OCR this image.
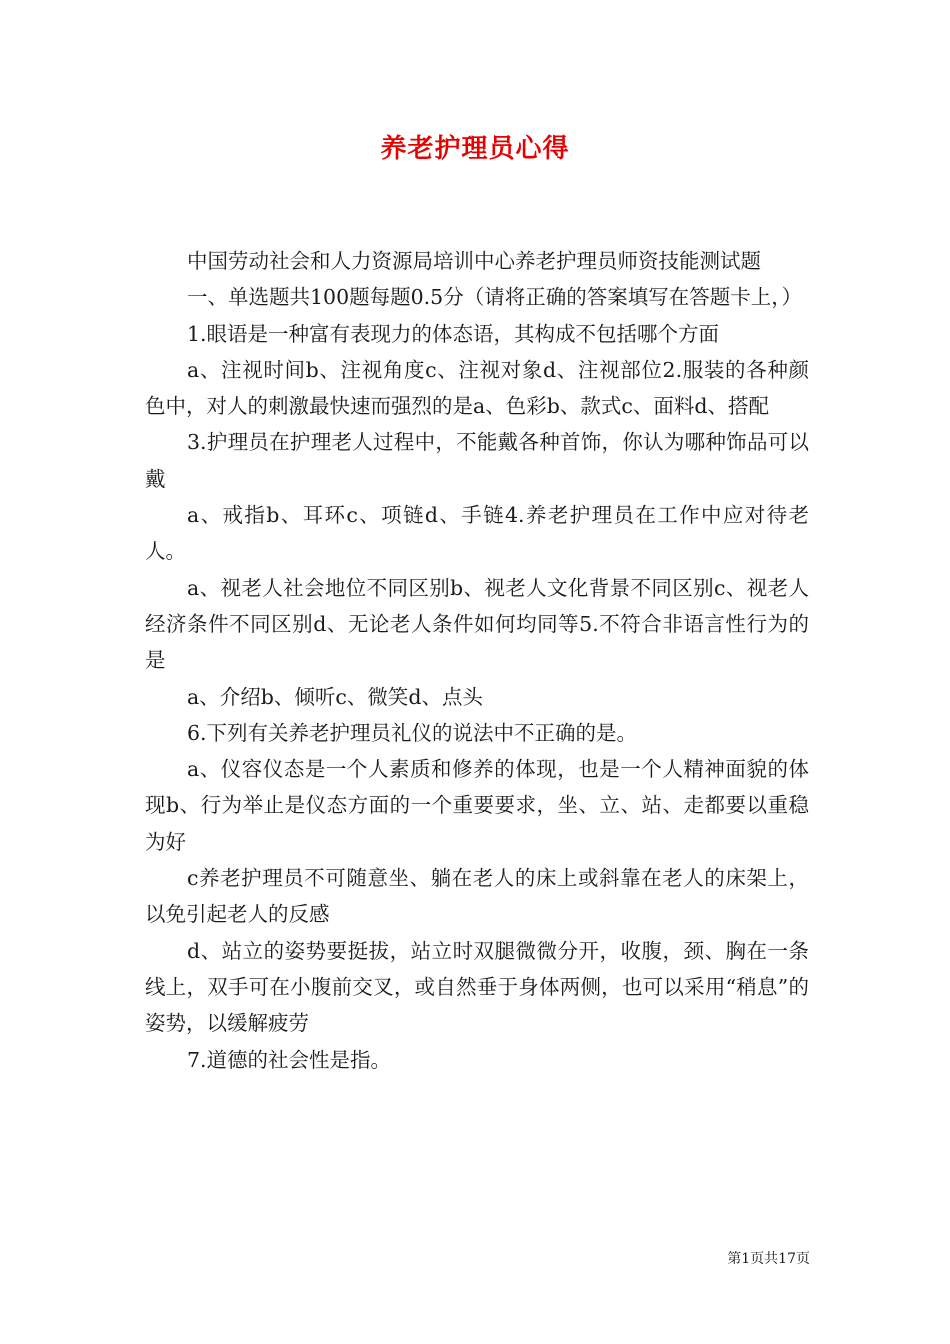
养老护理员心得

中国劳动社会和人力资源局培训中心养老护理员师资技能测试题

一、单选题共100题每题0.5分（请将正确的答案填写在答题卡上，）

1.眼语是一种富有表现力的体态语，其构成不包括哪个方面

a、注视时间b、注视角度c、注视对象d、注视部位2.服装的各种颜色中，对人的刺激最快速而强烈的是a、色彩b、款式c、面料d、搭配

3.护理员在护理老人过程中，不能戴各种首饰，你认为哪种饰品可以戴

a、戒指b、耳环c、项链d、手链4.养老护理员在工作中应对待老人。

a、视老人社会地位不同区别b、视老人文化背景不同区别c、视老人经济条件不同区别d、无论老人条件如何均同等5.不符合非语言性行为的是

a、介绍b、倾听c、微笑d、点头

6.下列有关养老护理员礼仪的说法中不正确的是。

a、仪容仪态是一个人素质和修养的体现，也是一个人精神面貌的体现b、行为举止是仪态方面的一个重要要求，坐、立、站、走都要以重稳为好

c养老护理员不可随意坐、躺在老人的床上或斜靠在老人的床架上，以免引起老人的反感

d、站立的姿势要挺拔，站立时双腿微微分开，收腹，颈、胸在一条线上，双手可在小腹前交叉，或自然垂于身体两侧，也可以采用“稍息”的姿势，以缓解疲劳

7.道德的社会性是指。

第1页共17页
